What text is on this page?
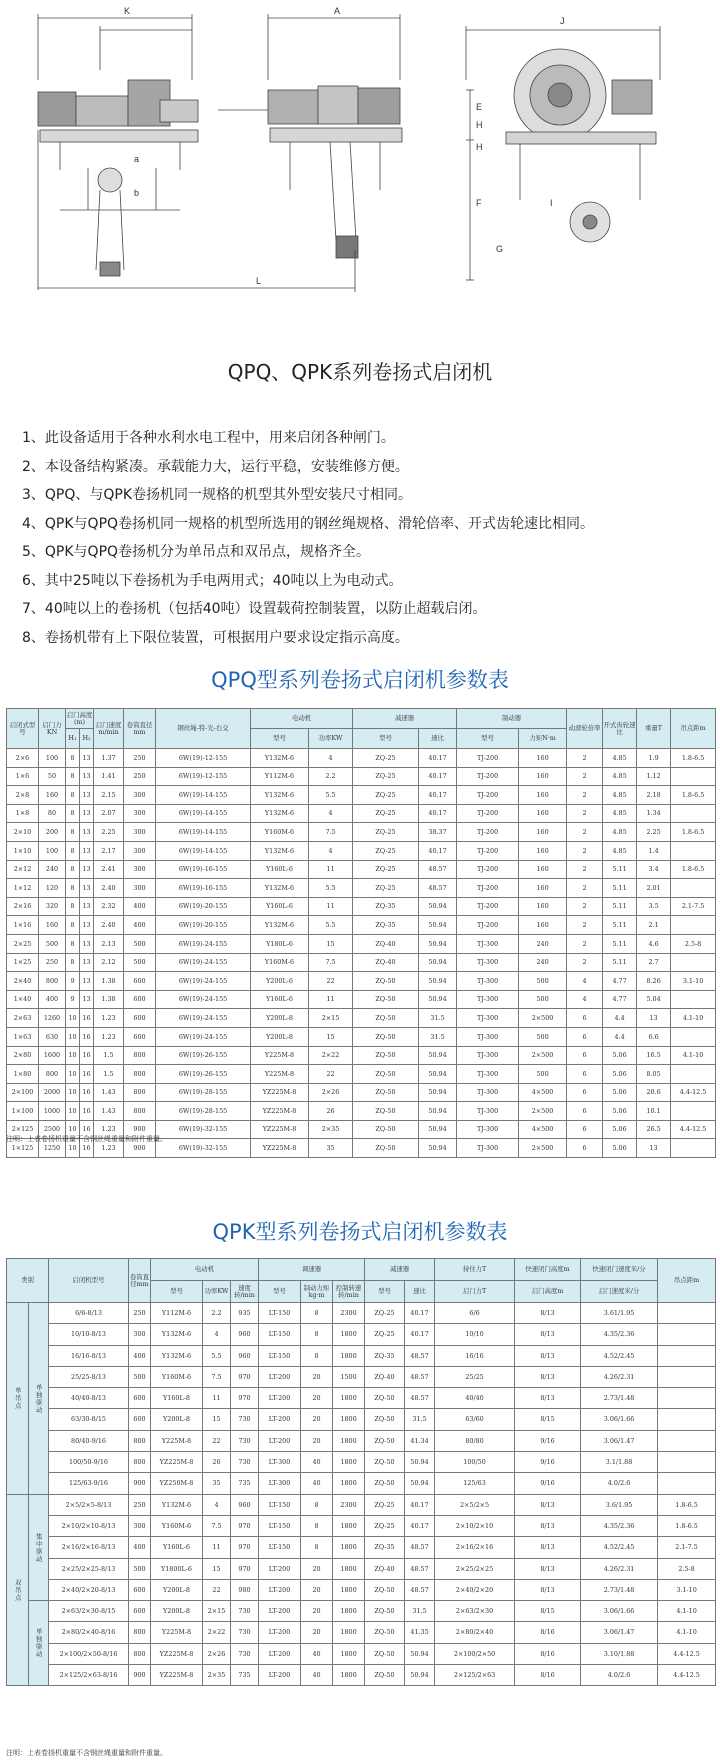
K	A
J
E
H
H
F
G
a
b
L
I
QPQ、QPK系列卷扬式启闭机
1、此设备适用于各种水利水电工程中，用来启闭各种闸门。
2、本设备结构紧凑。承载能力大，运行平稳，安装维修方便。
3、QPQ、与QPK卷扬机同一规格的机型其外型安装尺寸相同。
4、QPK与QPQ卷扬机同一规格的机型所选用的钢丝绳规格、滑轮倍率、开式齿轮速比相同。
5、QPK与QPQ卷扬机分为单吊点和双吊点，规格齐全。
6、其中25吨以下卷扬机为手电两用式；40吨以上为电动式。
7、40吨以上的卷扬机（包括40吨）设置载荷控制装置，以防止超载启闭。
8、卷扬机带有上下限位装置，可根据用户要求设定指示高度。
QPQ型系列卷扬式启闭机参数表
启闭式型号	启门力KN	启门高度(m)		启门速度m/min	卷筒直径mm	钢丝绳-特-光-右交	电动机		减速器		制动器		动滑轮倍率	开式齿轮速比	重量T	吊点距m
		H₁	H₂				型号	功率KW	型号	速比	型号	力矩N·m				
2×6	100	8	13	1.37	250	6W(19)-12-155	Y132M-6	4	ZQ-25	40.17	TJ-200	160	2	4.85	1.9	1.8-6.5
1×6	50	8	13	1.41	250	6W(19)-12-155	Y112M-6	2.2	ZQ-25	40.17	TJ-200	160	2	4.85	1.12	
2×8	160	8	13	2.15	300	6W(19)-14-155	Y132M-6	5.5	ZQ-25	40.17	TJ-200	160	2	4.85	2.18	1.8-6.5
1×8	80	8	13	2.07	300	6W(19)-14-155	Y132M-6	4	ZQ-25	40.17	TJ-200	160	2	4.85	1.34	
2×10	200	8	13	2.25	300	6W(19)-14-155	Y160M-6	7.5	ZQ-25	38.37	TJ-200	160	2	4.85	2.25	1.8-6.5
1×10	100	8	13	2.17	300	6W(19)-14-155	Y132M-6	4	ZQ-25	40.17	TJ-200	160	2	4.85	1.4	
2×12	240	8	13	2.41	300	6W(19)-16-155	Y160L-6	11	ZQ-25	48.57	TJ-200	160	2	5.11	3.4	1.8-6.5
1×12	120	8	13	2.40	300	6W(19)-16-155	Y132M-6	5.5	ZQ-25	48.57	TJ-200	160	2	5.11	2.01	
2×16	320	8	13	2.32	400	6W(19)-20-155	Y160L-6	11	ZQ-35	50.94	TJ-200	160	2	5.11	3.5	2.1-7.5
1×16	160	8	13	2.40	400	6W(19)-20-155	Y132M-6	5.5	ZQ-35	50.94	TJ-200	160	2	5.11	2.1	
2×25	500	8	13	2.13	500	6W(19)-24-155	Y180L-6	15	ZQ-40	50.94	TJ-300	240	2	5.11	4.6	2.5-8
1×25	250	8	13	2.12	500	6W(19)-24-155	Y160M-6	7.5	ZQ-40	50.94	TJ-300	240	2	5.11	2.7	
2×40	800	9	13	1.38	600	6W(19)-24-155	Y200L-6	22	ZQ-50	50.94	TJ-300	500	4	4.77	8.26	3.1-10
1×40	400	9	13	1.38	600	6W(19)-24-155	Y160L-6	11	ZQ-50	50.94	TJ-300	500	4	4.77	5.04	
2×63	1260	10	16	1.23	600	6W(19)-24-155	Y200L-8	2×15	ZQ-50	31.5	TJ-300	2×500	6	4.4	13	4.1-10
1×63	630	10	16	1.23	600	6W(19)-24-155	Y200L-8	15	ZQ-50	31.5	TJ-300	500	6	4.4	6.6	
2×80	1600	10	16	1.5	800	6W(19)-26-155	Y225M-8	2×22	ZQ-50	50.94	TJ-300	2×500	6	5.06	16.5	4.1-10
1×80	800	10	16	1.5	800	6W(19)-26-155	Y225M-8	22	ZQ-50	50.94	TJ-300	500	6	5.06	8.05	
2×100	2000	10	16	1.43	800	6W(19)-28-155	YZ225M-8	2×26	ZQ-50	50.94	TJ-300	4×500	6	5.06	20.6	4.4-12.5
1×100	1000	10	16	1.43	800	6W(19)-28-155	YZ225M-8	26	ZQ-50	50.94	TJ-300	2×500	6	5.06	10.1	
2×125	2500	10	16	1.23	900	6W(19)-32-155	YZ225M-8	2×35	ZQ-50	50.94	TJ-300	4×500	6	5.06	26.5	4.4-12.5
1×125	1250	10	16	1.23	900	6W(19)-32-155	YZ225M-8	35	ZQ-50	50.94	TJ-300	2×500	6	5.06	13	
注明：上表卷扬机重量不含钢丝绳重量和附件重量。
QPK型系列卷扬式启闭机参数表
类别		启闭机型号	卷筒直径mm	电动机			调速器			减速器		持住力T	快速闭门高度m	快速闭门速度米/分	吊点距m
				型号	功率KW	速度转/min	型号	制动力矩kg·m	控制转速转/min	型号	速比	启门力T	启门高度m	启门速度米/分	
单吊点	单独驱动	6/6-8/13	250	Y112M-6	2.2	935	LT-150	8	2300	ZQ-25	40.17	6/6	8/13	3.61/1.95	
		10/10-8/13	300	Y132M-6	4	960	LT-150	8	1800	ZQ-25	40.17	10/10	8/13	4.35/2.36	
		16/16-8/13	400	Y132M-6	5.5	960	LT-150	8	1800	ZQ-35	48.57	16/16	8/13	4.52/2.45	
		25/25-8/13	500	Y160M-6	7.5	970	LT-200	20	1500	ZQ-40	48.57	25/25	8/13	4.26/2.31	
		40/40-8/13	600	Y160L-8	11	970	LT-200	20	1800	ZQ-50	48.57	40/40	8/13	2.73/1.48	
		63/30-8/15	600	Y200L-8	15	730	LT-200	20	1800	ZQ-50	31.5	63/60	8/15	3.06/1.66	
		80/40-9/16	800	Y225M-8	22	730	LT-200	20	1800	ZQ-50	41.34	80/80	9/16	3.06/1.47	
		100/50-9/16	800	YZ225M-8	26	730	LT-300	40	1800	ZQ-50	50.94	100/50	9/16	3.1/1.88	
		125/63-9/16	900	YZ250M-8	35	735	LT-300	40	1800	ZQ-50	50.94	125/63	9/16	4.0/2.6	
双吊点	集中驱动	2×5/2×5-8/13	250	Y132M-6	4	960	LT-150	8	2300	ZQ-25	40.17	2×5/2×5	8/13	3.6/1.95	1.8-6.5
		2×10/2×10-8/13	300	Y160M-6	7.5	970	LT-150	8	1800	ZQ-25	40.17	2×10/2×10	8/13	4.35/2.36	1.8-6.5
		2×16/2×16-8/13	400	Y160L-6	11	970	LT-150	8	1800	ZQ-35	48.57	2×16/2×16	8/13	4.52/2.45	2.1-7.5
		2×25/2×25-8/13	500	Y1800L-6	15	970	LT-200	20	1800	ZQ-40	48.57	2×25/2×25	8/13	4.26/2.31	2.5-8
		2×40/2×20-8/13	600	Y200L-8	22	980	LT-200	20	1800	ZQ-50	48.57	2×40/2×20	8/13	2.73/1.48	3.1-10
	单独驱动	2×63/2×30-8/15	600	Y200L-8	2×15	730	LT-200	20	1800	ZQ-50	31.5	2×63/2×30	8/15	3.06/1.66	4.1-10
		2×80/2×40-8/16	800	Y225M-8	2×22	730	LT-200	20	1800	ZQ-50	41.35	2×80/2×40	8/16	3.06/1.47	4.1-10
		2×100/2×50-8/16	800	YZ225M-8	2×26	730	LT-200	40	1800	ZQ-50	50.94	2×100/2×50	8/16	3.10/1.88	4.4-12.5
		2×125/2×63-8/16	900	YZ225M-8	2×35	735	LT-200	40	1800	ZQ-50	50.94	2×125/2×63	8/16	4.0/2.6	4.4-12.5
注明：上表卷扬机重量不含钢丝绳重量和附件重量。
